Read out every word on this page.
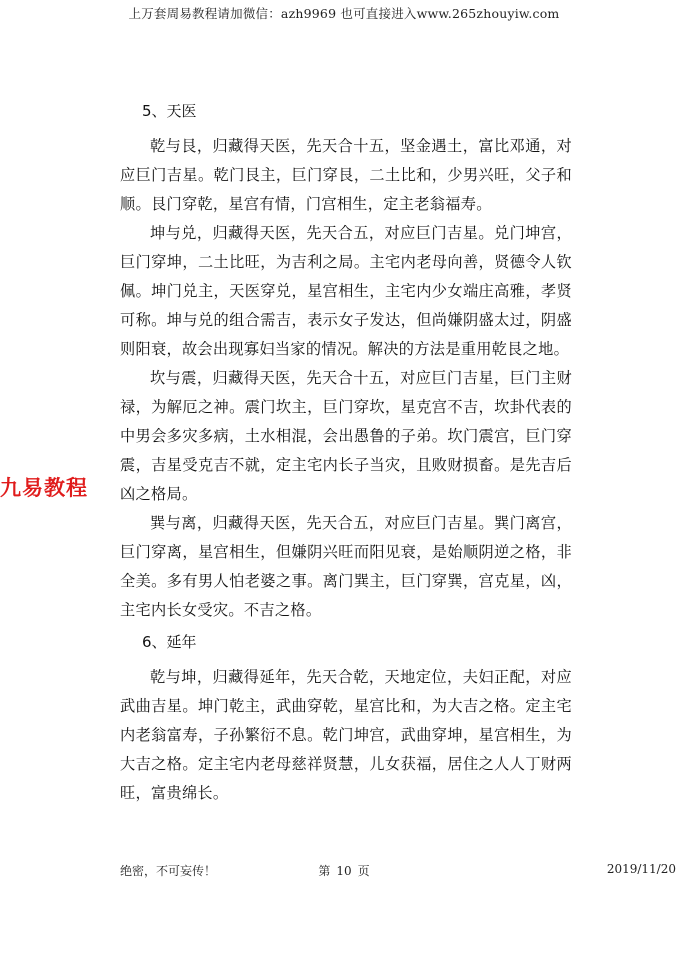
上万套周易教程请加微信：azh9969 也可直接进入www.265zhouyiw.com
九易教程
5、天医

乾与艮，归藏得天医，先天合十五，坚金遇土，富比邓通，对应巨门吉星。乾门艮主，巨门穿艮，二土比和，少男兴旺，父子和顺。艮门穿乾，星宫有情，门宫相生，定主老翁福寿。

坤与兑，归藏得天医，先天合五，对应巨门吉星。兑门坤宫，巨门穿坤，二土比旺，为吉利之局。主宅内老母向善，贤德令人钦佩。坤门兑主，天医穿兑，星宫相生，主宅内少女端庄高雅，孝贤可称。坤与兑的组合需吉，表示女子发达，但尚嫌阴盛太过，阴盛则阳衰，故会出现寡妇当家的情况。解决的方法是重用乾艮之地。

坎与震，归藏得天医，先天合十五，对应巨门吉星，巨门主财禄，为解厄之神。震门坎主，巨门穿坎，星克宫不吉，坎卦代表的中男会多灾多病，土水相混，会出愚鲁的子弟。坎门震宫，巨门穿震，吉星受克吉不就，定主宅内长子当灾，且败财损畜。是先吉后凶之格局。

巽与离，归藏得天医，先天合五，对应巨门吉星。巽门离宫，巨门穿离，星宫相生，但嫌阴兴旺而阳见衰，是始顺阴逆之格，非全美。多有男人怕老婆之事。离门巽主，巨门穿巽，宫克星，凶，主宅内长女受灾。不吉之格。

6、延年

乾与坤，归藏得延年，先天合乾，天地定位，夫妇正配，对应武曲吉星。坤门乾主，武曲穿乾，星宫比和，为大吉之格。定主宅内老翁富寿，子孙繁衍不息。乾门坤宫，武曲穿坤，星宫相生，为大吉之格。定主宅内老母慈祥贤慧，儿女获福，居住之人人丁财两旺，富贵绵长。

绝密，不可妄传！	第 10 页	2019/11/20
